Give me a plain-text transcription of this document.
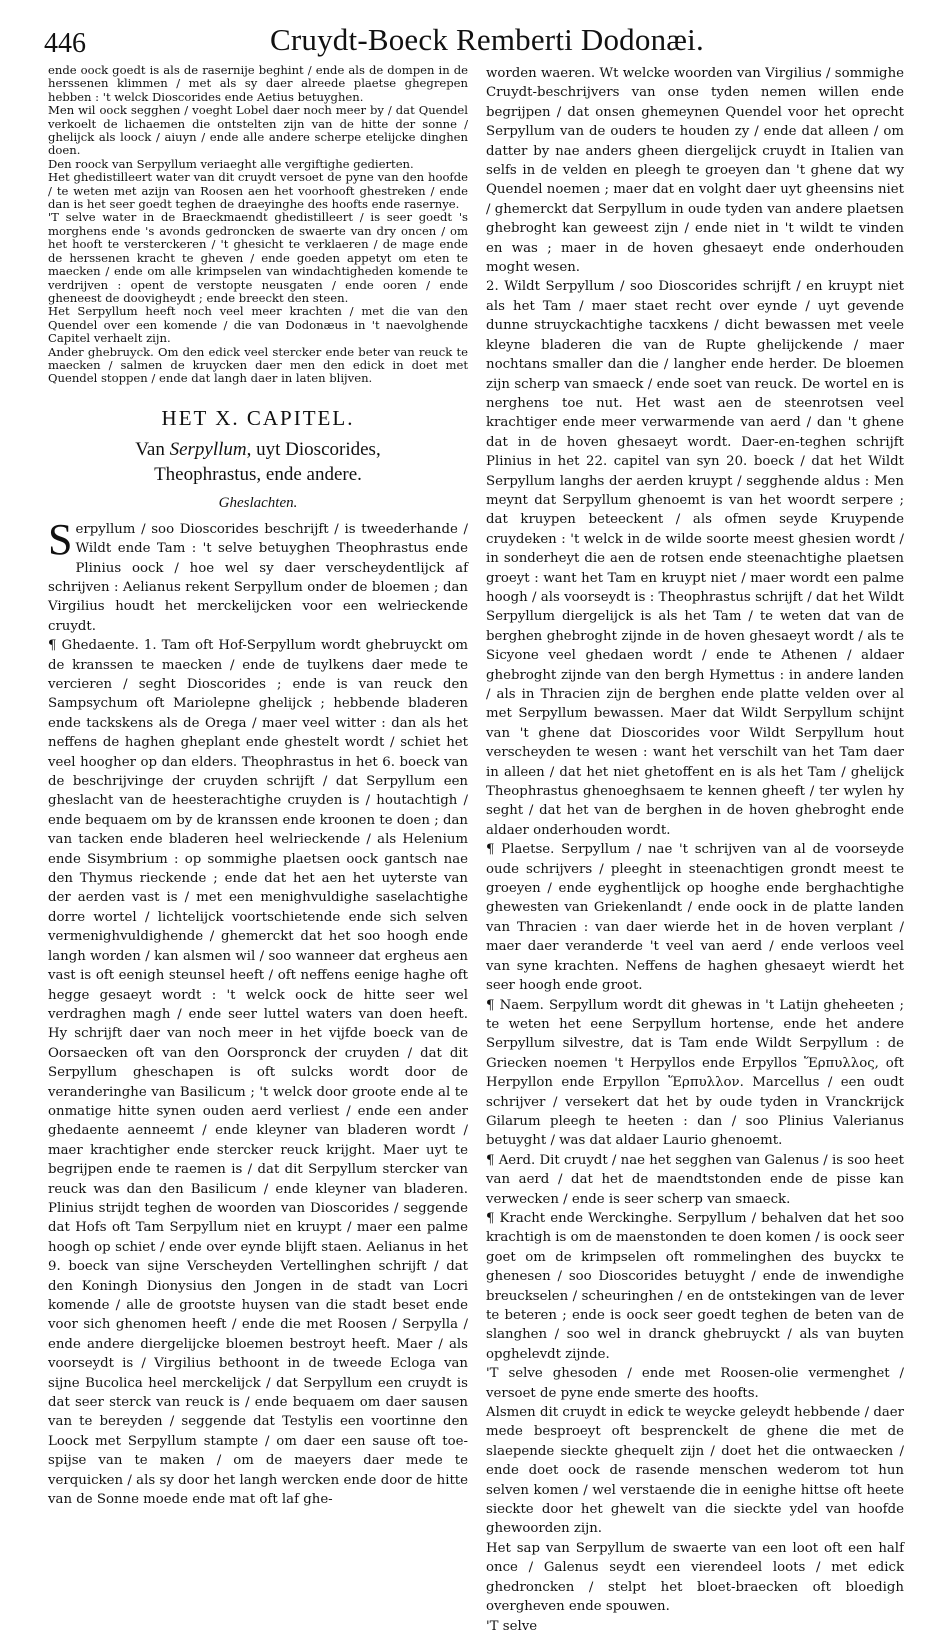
446	Cruydt-Boeck Remberti Dodonæi.

ende oock goedt is als de rasernije beghint / ende als de dompen in de herssenen klimmen / met als sy daer alreede plaetse ghegrepen hebben : 't welck Dioscorides ende Aetius betuyghen.

Men wil oock segghen / voeght Lobel daer noch meer by / dat Quendel verkoelt de lichaemen die ontstelten zijn van de hitte der sonne / ghelijck als loock / aiuyn / ende alle andere scherpe etelijcke dinghen doen.

Den roock van Serpyllum veriaeght alle vergiftighe gedierten.

Het ghedistilleert water van dit cruydt versoet de pyne van den hoofde / te weten met azijn van Roosen aen het voorhooft ghestreken / ende dan is het seer goedt teghen de draeyinghe des hoofts ende rasernye.

'T selve water in de Braeckmaendt ghedistilleert / is seer goedt 's morghens ende 's avonds gedroncken de swaerte van dry oncen / om het hooft te versterckeren / 't ghesicht te verklaeren / de mage ende de herssenen kracht te gheven / ende goeden appetyt om eten te maecken / ende om alle krimpselen van windachtigheden komende te verdrijven : opent de verstopte neusgaten / ende ooren / ende gheneest de doovigheydt ; ende breeckt den steen.

Het Serpyllum heeft noch veel meer krachten / met die van den Quendel over een komende / die van Dodonæus in 't naevolghende Capitel verhaelt zijn.

Ander ghebruyck. Om den edick veel stercker ende beter van reuck te maecken / salmen de kruycken daer men den edick in doet met Quendel stoppen / ende dat langh daer in laten blijven.

HET X. CAPITEL.
Van Serpyllum, uyt Dioscorides,
Theophrastus, ende andere.
Gheslachten.

Serpyllum / soo Dioscorides beschrijft / is tweederhande / Wildt ende Tam : 't selve betuyghen Theophrastus ende Plinius oock / hoe wel sy daer verscheydentlijck af schrijven : Aelianus rekent Serpyllum onder de bloemen ; dan Virgilius houdt het merckelijcken voor een welrieckende cruydt.

¶ Ghedaente. 1. Tam oft Hof-Serpyllum wordt ghebruyckt om de kranssen te maecken / ende de tuylkens daer mede te vercieren / seght Dioscorides ; ende is van reuck den Sampsychum oft Mariolepne ghelijck ; hebbende bladeren ende tackskens als de Orega / maer veel witter : dan als het neffens de haghen gheplant ende ghestelt wordt / schiet het veel hoogher op dan elders. Theophrastus in het 6. boeck van de beschrijvinge der cruyden schrijft / dat Serpyllum een gheslacht van de heesterachtighe cruyden is / houtachtigh / ende bequaem om by de kranssen ende kroonen te doen ; dan van tacken ende bladeren heel welrieckende / als Helenium ende Sisymbrium : op sommighe plaetsen oock gantsch nae den Thymus rieckende ; ende dat het aen het uyterste van der aerden vast is / met een menighvuldighe saselachtighe dorre wortel / lichtelijck voortschietende ende sich selven vermenighvuldighende / ghemerckt dat het soo hoogh ende langh worden / kan alsmen wil / soo wanneer dat ergheus aen vast is oft eenigh steunsel heeft / oft neffens eenige haghe oft hegge gesaeyt wordt : 't welck oock de hitte seer wel verdraghen magh / ende seer luttel waters van doen heeft. Hy schrijft daer van noch meer in het vijfde boeck van de Oorsaecken oft van den Oorspronck der cruyden / dat dit Serpyllum gheschapen is oft sulcks wordt door de veranderinghe van Basilicum ; 't welck door groote ende al te onmatige hitte synen ouden aerd verliest / ende een ander ghedaente aenneemt / ende kleyner van bladeren wordt / maer krachtigher ende stercker reuck krijght. Maer uyt te begrijpen ende te raemen is / dat dit Serpyllum stercker van reuck was dan den Basilicum / ende kleyner van bladeren. Plinius strijdt teghen de woorden van Dioscorides / seggende dat Hofs oft Tam Serpyllum niet en kruypt / maer een palme hoogh op schiet / ende over eynde blijft staen. Aelianus in het 9. boeck van sijne Verscheyden Vertellinghen schrijft / dat den Koningh Dionysius den Jongen in de stadt van Locri komende / alle de grootste huysen van die stadt beset ende voor sich ghenomen heeft / ende die met Roosen / Serpylla / ende andere diergelijcke bloemen bestroyt heeft. Maer / als voorseydt is / Virgilius bethoont in de tweede Ecloga van sijne Bucolica heel merckelijck / dat Serpyllum een cruydt is dat seer sterck van reuck is / ende bequaem om daer sausen van te bereyden / seggende dat Testylis een voortinne den Loock met Serpyllum stampte / om daer een sause oft toe-spijse van te maken / om de maeyers daer mede te verquicken / als sy door het langh wercken ende door de hitte van de Sonne moede ende mat oft laf ghe-

worden waeren. Wt welcke woorden van Virgilius / sommighe Cruydt-beschrijvers van onse tyden nemen willen ende begrijpen / dat onsen ghemeynen Quendel voor het oprecht Serpyllum van de ouders te houden zy / ende dat alleen / om datter by nae anders gheen diergelijck cruydt in Italien van selfs in de velden en pleegh te groeyen dan 't ghene dat wy Quendel noemen ; maer dat en volght daer uyt gheensins niet / ghemerckt dat Serpyllum in oude tyden van andere plaetsen ghebroght kan geweest zijn / ende niet in 't wildt te vinden en was ; maer in de hoven ghesaeyt ende onderhouden moght wesen.

2. Wildt Serpyllum / soo Dioscorides schrijft / en kruypt niet als het Tam / maer staet recht over eynde / uyt gevende dunne struyckachtighe tacxkens / dicht bewassen met veele kleyne bladeren die van de Rupte ghelijckende / maer nochtans smaller dan die / langher ende herder. De bloemen zijn scherp van smaeck / ende soet van reuck. De wortel en is nerghens toe nut. Het wast aen de steenrotsen veel krachtiger ende meer verwarmende van aerd / dan 't ghene dat in de hoven ghesaeyt wordt. Daer-en-teghen schrijft Plinius in het 22. capitel van syn 20. boeck / dat het Wildt Serpyllum langhs der aerden kruypt / segghende aldus : Men meynt dat Serpyllum ghenoemt is van het woordt serpere ; dat kruypen beteeckent / als ofmen seyde Kruypende cruydeken : 't welck in de wilde soorte meest ghesien wordt / in sonderheyt die aen de rotsen ende steenachtighe plaetsen groeyt : want het Tam en kruypt niet / maer wordt een palme hoogh / als voorseydt is : Theophrastus schrijft / dat het Wildt Serpyllum diergelijck is als het Tam / te weten dat van de berghen ghebroght zijnde in de hoven ghesaeyt wordt / als te Sicyone veel ghedaen wordt / ende te Athenen / aldaer ghebroght zijnde van den bergh Hymettus : in andere landen / als in Thracien zijn de berghen ende platte velden over al met Serpyllum bewassen. Maer dat Wildt Serpyllum schijnt van 't ghene dat Dioscorides voor Wildt Serpyllum hout verscheyden te wesen : want het verschilt van het Tam daer in alleen / dat het niet ghetoffent en is als het Tam / ghelijck Theophrastus ghenoeghsaem te kennen gheeft / ter wylen hy seght / dat het van de berghen in de hoven ghebroght ende aldaer onderhouden wordt.

¶ Plaetse. Serpyllum / nae 't schrijven van al de voorseyde oude schrijvers / pleeght in steenachtigen grondt meest te groeyen / ende eyghentlijck op hooghe ende berghachtighe ghewesten van Griekenlandt / ende oock in de platte landen van Thracien : van daer wierde het in de hoven verplant / maer daer veranderde 't veel van aerd / ende verloos veel van syne krachten. Neffens de haghen ghesaeyt wierdt het seer hoogh ende groot.

¶ Naem. Serpyllum wordt dit ghewas in 't Latijn gheheeten ; te weten het eene Serpyllum hortense, ende het andere Serpyllum silvestre, dat is Tam ende Wildt Serpyllum : de Griecken noemen 't Herpyllos ende Erpyllos Ἕρπυλλος, oft Herpyllon ende Erpyllon Ἕρπυλλον. Marcellus / een oudt schrijver / versekert dat het by oude tyden in Vranckrijck Gilarum pleegh te heeten : dan / soo Plinius Valerianus betuyght / was dat aldaer Laurio ghenoemt.

¶ Aerd. Dit cruydt / nae het segghen van Galenus / is soo heet van aerd / dat het de maendtstonden ende de pisse kan verwecken / ende is seer scherp van smaeck.

¶ Kracht ende Werckinghe. Serpyllum / behalven dat het soo krachtigh is om de maenstonden te doen komen / is oock seer goet om de krimpselen oft rommelinghen des buyckx te ghenesen / soo Dioscorides betuyght / ende de inwendighe breuckselen / scheuringhen / en de ontstekingen van de lever te beteren ; ende is oock seer goedt teghen de beten van de slanghen / soo wel in dranck ghebruyckt / als van buyten opghelevdt zijnde.

'T selve ghesoden / ende met Roosen-olie vermenghet / versoet de pyne ende smerte des hoofts.

Alsmen dit cruydt in edick te weycke geleydt hebbende / daer mede besproeyt oft besprenckelt de ghene die met de slaepende sieckte ghequelt zijn / doet het die ontwaecken / ende doet oock de rasende menschen wederom tot hun selven komen / wel verstaende die in eenighe hittse oft heete sieckte door het ghewelt van die sieckte ydel van hoofde ghewoorden zijn.

Het sap van Serpyllum de swaerte van een loot oft een half once / Galenus seydt een vierendeel loots / met edick ghedroncken / stelpt het bloet-braecken oft bloedigh overgheven ende spouwen.

'T selve
